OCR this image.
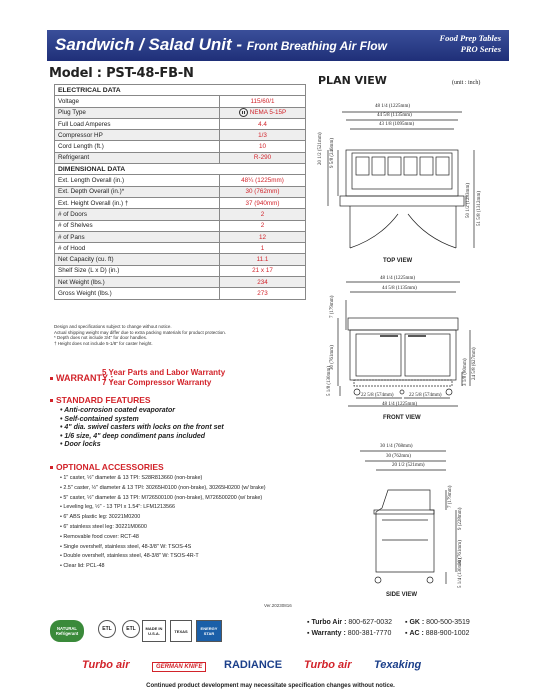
Sandwich / Salad Unit - Front Breathing Air Flow
Food Prep Tables
PRO Series
Model : PST-48-FB-N
ELECTRICAL DATA	
Voltage	115/60/1
Plug Type	NEMA 5-15P
Full Load Amperes	4.4
Compressor HP	1/3
Cord Length (ft.)	10
Refrigerant	R-290
DIMENSIONAL DATA	
Ext. Length Overall (in.)	48¼ (1225mm)
Ext. Depth Overall (in.)*	30 (762mm)
Ext. Height Overall (in.) †	37 (940mm)
# of Doors	2
# of Shelves	2
# of Pans	12
# of Hood	1
Net Capacity (cu. ft)	11.1
Shelf Size (L x D) (in.)	21 x 17
Net Weight (lbs.)	234
Gross Weight (lbs.)	273
Design and specifications subject to change without notice.
Actual shipping weight may differ due to extra packing materials for product protection.
* Depth does not include 3/4" for door handles.
† Height does not include 5-1/8" for caster height.
WARRANTY :
5 Year Parts and Labor Warranty
7 Year Compressor Warranty
STANDARD FEATURES
• Anti-corrosion coated evaporator
• Self-contained system
• 4" dia. swivel casters with locks on the front set
• 1/6 size, 4" deep condiment pans included
• Door locks
OPTIONAL ACCESSORIES
• 1" caster, ½" diameter & 13 TPI: S28R813660 (non-brake)
• 2.5" caster, ½" diameter & 13 TPI: 30265H0100 (non-brake), 30265H0200 (w/ brake)
• 5" caster, ½" diameter & 13 TPI: M726500100 (non-brake), M726500200 (w/ brake)
• Leveling leg, ½" - 13 TPI x 1.54": LFM1213566
• 6" ABS plastic leg: 30221M0200
• 6" stainless steel leg: 30221M0600
• Removable food cover: RCT-48
• Single overshelf, stainless steel, 48-3/8" W: TSOS-4S
• Double overshelf, stainless steel, 48-3/8" W: TSOS-4R-T
• Clear lid: PCL-48
Ver.20230816
NATURAL Refrigerant
ETL	ETL	MADE IN U.S.A.	TEXAS	ENERGY STAR
PLAN VIEW	(unit : inch)
TOP VIEW
FRONT VIEW
SIDE VIEW
48 1/4 (1225mm)
44 5/8 (1135mm)
43 1/8 (1095mm)
20 1/2 (521mm) 9 5/8 (246mm)
50 1/2 (1283mm) 51 5/8 (1312mm)
48 1/4 (1225mm)
44 5/8 (1135mm)
7 (179mm)
30 (761mm)	24 5/8 (627mm)
3 1/8 (80mm)
5 1/8 (130mm)	22 5/8 (574mm)	22 5/8 (574mm)
48 1/4 (1225mm)
30 1/4 (768mm)
30 (762mm)
20 1/2 (521mm)
7 (179mm)
9 (228mm)
30 (761mm)
5 1/4 (130mm)
▪ Turbo Air : 800-627-0032 ▪ GK : 800-500-3519
▪ Warranty : 800-381-7770 ▪ AC : 888-900-1002
Turbo air	GERMAN KNIFE	RADIANCE Turbo air Texaking
Continued product development may necessitate specification changes without notice.
